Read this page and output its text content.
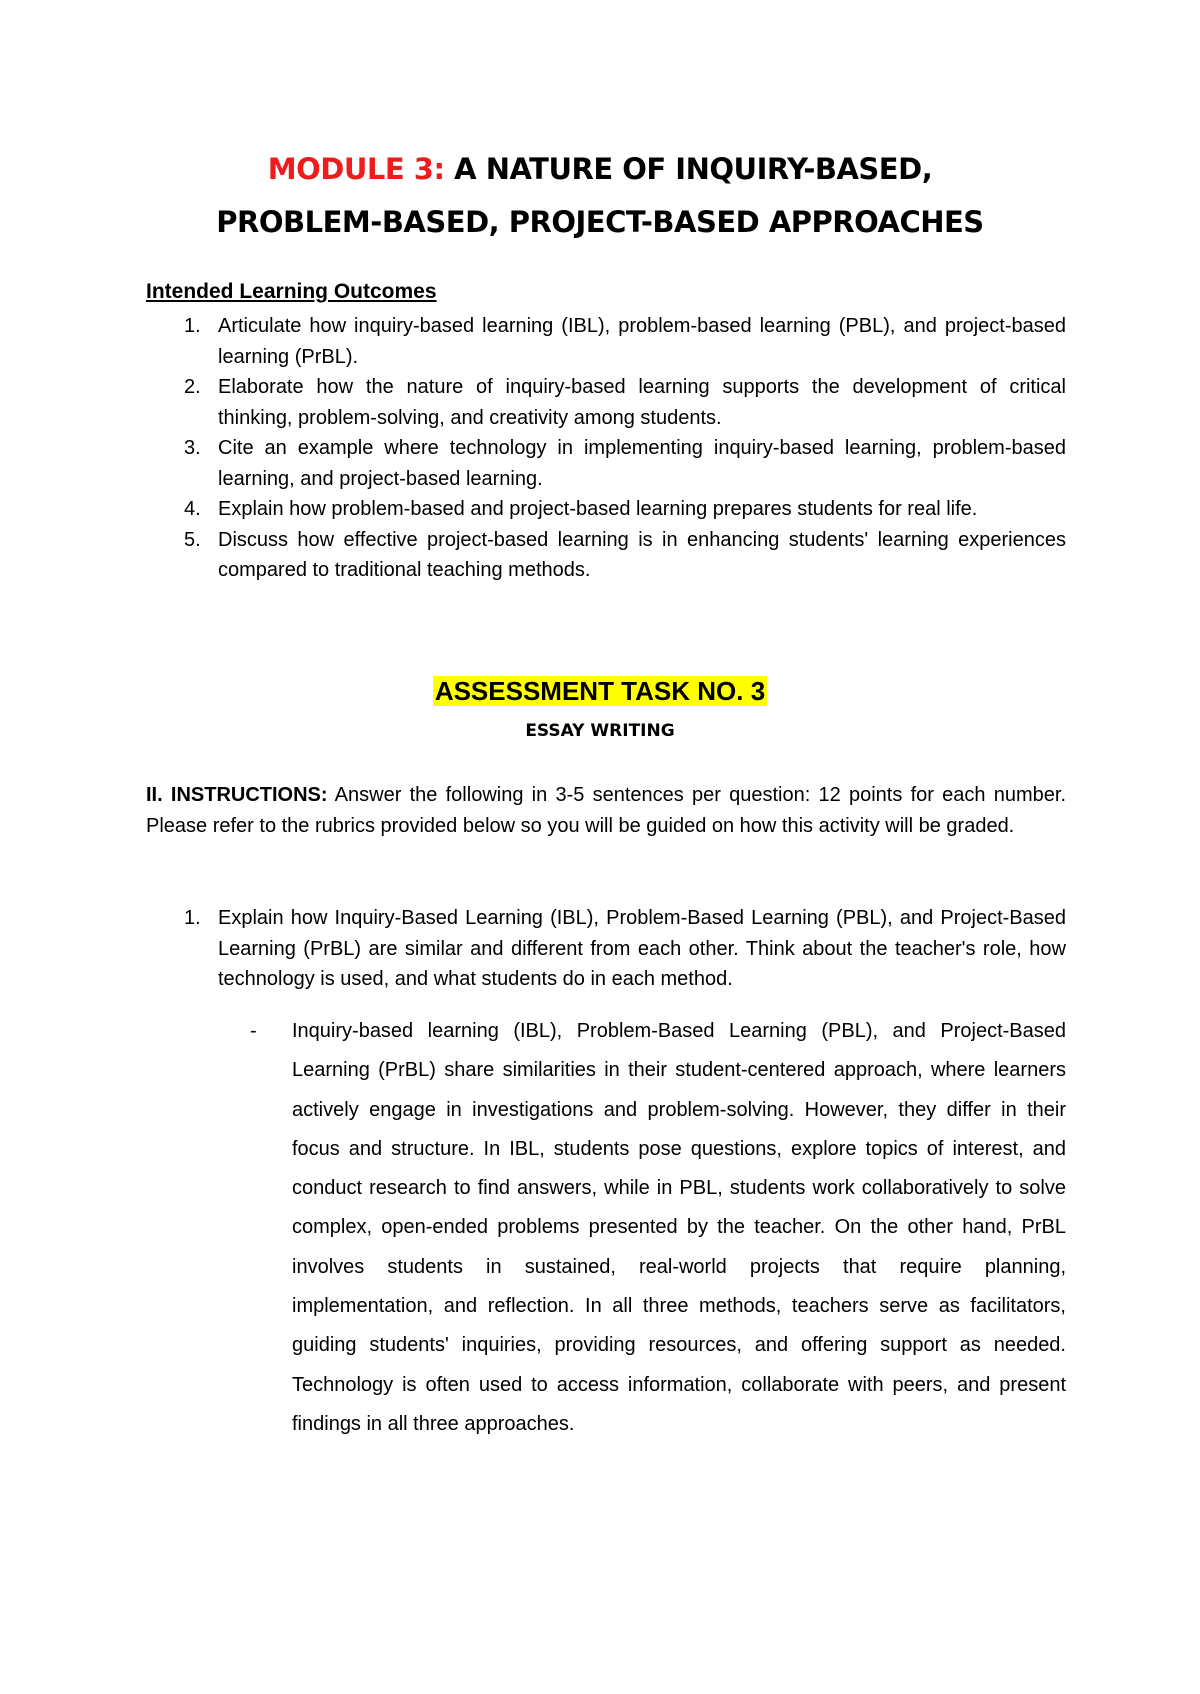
MODULE 3: A NATURE OF INQUIRY-BASED,
PROBLEM-BASED, PROJECT-BASED APPROACHES
Intended Learning Outcomes
1. Articulate how inquiry-based learning (IBL), problem-based learning (PBL), and project-based learning (PrBL).
2. Elaborate how the nature of inquiry-based learning supports the development of critical thinking, problem-solving, and creativity among students.
3. Cite an example where technology in implementing inquiry-based learning, problem-based learning, and project-based learning.
4. Explain how problem-based and project-based learning prepares students for real life.
5. Discuss how effective project-based learning is in enhancing students' learning experiences compared to traditional teaching methods.
ASSESSMENT TASK NO. 3
ESSAY WRITING
II. INSTRUCTIONS: Answer the following in 3-5 sentences per question: 12 points for each number. Please refer to the rubrics provided below so you will be guided on how this activity will be graded.
1. Explain how Inquiry-Based Learning (IBL), Problem-Based Learning (PBL), and Project-Based Learning (PrBL) are similar and different from each other. Think about the teacher's role, how technology is used, and what students do in each method.
-	Inquiry-based learning (IBL), Problem-Based Learning (PBL), and Project-Based Learning (PrBL) share similarities in their student-centered approach, where learners actively engage in investigations and problem-solving. However, they differ in their focus and structure. In IBL, students pose questions, explore topics of interest, and conduct research to find answers, while in PBL, students work collaboratively to solve complex, open-ended problems presented by the teacher. On the other hand, PrBL involves students in sustained, real-world projects that require planning, implementation, and reflection. In all three methods, teachers serve as facilitators, guiding students' inquiries, providing resources, and offering support as needed. Technology is often used to access information, collaborate with peers, and present findings in all three approaches.
